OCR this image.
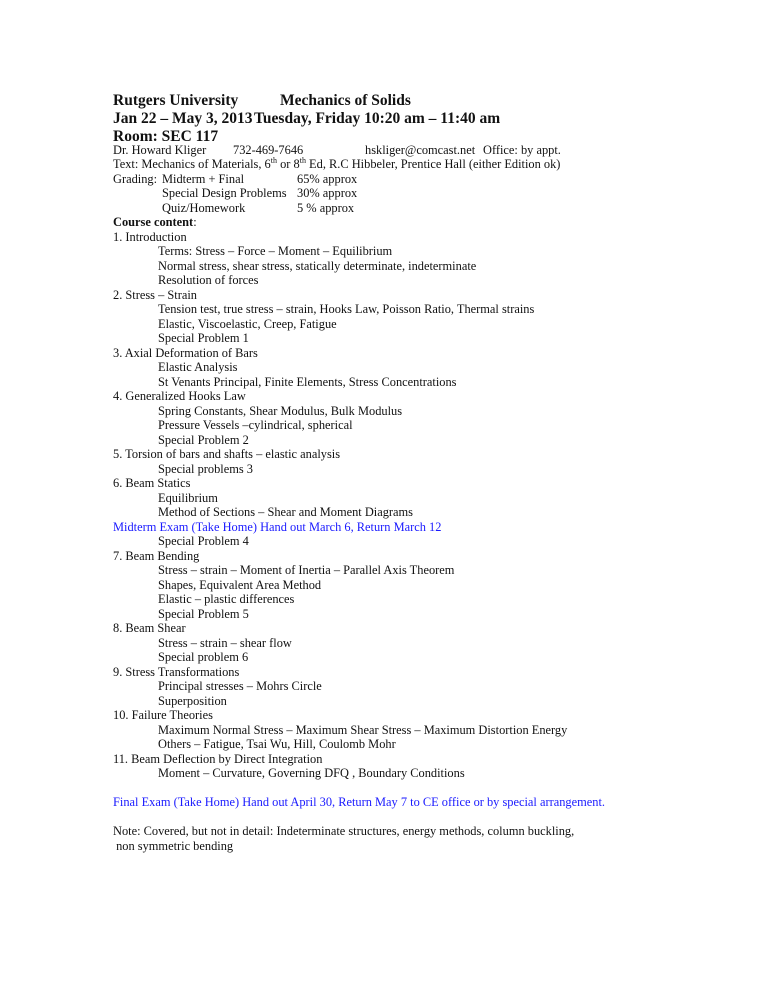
Rutgers University	Mechanics of Solids
Jan 22 – May 3, 2013 Tuesday, Friday 10:20 am – 11:40 am
Room: SEC 117
Dr. Howard Kliger 732-469-7646	hskliger@comcast.net Office: by appt.
Text: Mechanics of Materials, 6th or 8th Ed, R.C Hibbeler, Prentice Hall (either Edition ok)
Grading: Midterm + Final	65% approx
Special Design Problems 30% approx
Quiz/Homework	5 % approx
Course content:
1. Introduction
Terms: Stress – Force – Moment – Equilibrium
Normal stress, shear stress, statically determinate, indeterminate
Resolution of forces
2. Stress – Strain
Tension test, true stress – strain, Hooks Law, Poisson Ratio, Thermal strains
Elastic, Viscoelastic, Creep, Fatigue
Special Problem 1
3. Axial Deformation of Bars
Elastic Analysis
St Venants Principal, Finite Elements, Stress Concentrations
4. Generalized Hooks Law
Spring Constants, Shear Modulus, Bulk Modulus
Pressure Vessels –cylindrical, spherical
Special Problem 2
5. Torsion of bars and shafts – elastic analysis
Special problems 3
6. Beam Statics
Equilibrium
Method of Sections – Shear and Moment Diagrams
Midterm Exam (Take Home) Hand out March 6, Return March 12
Special Problem 4
7. Beam Bending
Stress – strain – Moment of Inertia – Parallel Axis Theorem
Shapes, Equivalent Area Method
Elastic – plastic differences
Special Problem 5
8. Beam Shear
Stress – strain – shear flow
Special problem 6
9. Stress Transformations
Principal stresses – Mohrs Circle
Superposition
10. Failure Theories
Maximum Normal Stress – Maximum Shear Stress – Maximum Distortion Energy
Others – Fatigue, Tsai Wu, Hill, Coulomb Mohr
11. Beam Deflection by Direct Integration
Moment – Curvature, Governing DFQ , Boundary Conditions
Final Exam (Take Home) Hand out April 30, Return May 7 to CE office or by special arrangement.
Note: Covered, but not in detail: Indeterminate structures, energy methods, column buckling,
non symmetric bending
